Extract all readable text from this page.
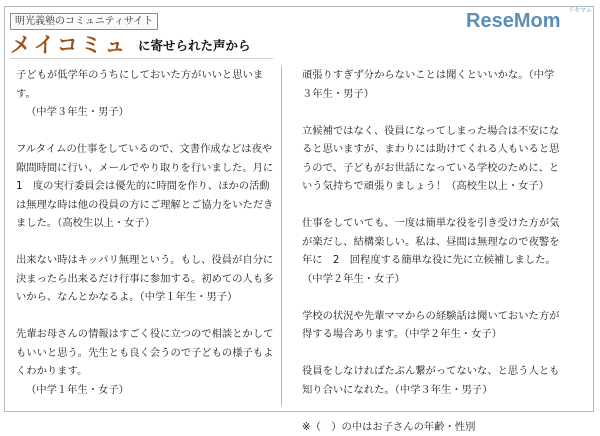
明光義塾のコミュニティサイト
メイコミュ に寄せられた声から
ReseMom リセマム

子どもが低学年のうちにしておいた方がいいと思います。

（中学３年生・男子）

フルタイムの仕事をしているので、文書作成などは夜や隙間時間に行い、メールでやり取りを行いました。月に　1　度の実行委員会は優先的に時間を作り、ほかの活動は無理な時は他の役員の方にご理解とご協力をいただきました。（高校生以上・女子）

出来ない時はキッパリ無理という。もし、役員が自分に決まったら出来るだけ行事に参加する。初めての人も多いから、なんとかなるよ。（中学１年生・男子）

先輩お母さんの情報はすごく役に立つので相談とかしてもいいと思う。先生とも良く会うので子どもの様子もよくわかります。

（中学１年生・女子）

頑張りすぎず分からないことは聞くといいかな。（中学３年生・男子）

立候補ではなく、役員になってしまった場合は不安になると思いますが、まわりには助けてくれる人もいると思うので、子どもがお世話になっている学校のために、という気持ちで頑張りましょう！（高校生以上・女子）

仕事をしていても、一度は簡単な役を引き受けた方が気が楽だし、結構楽しい。私は、昼間は無理なので夜警を年に　2　回程度する簡単な役に先に立候補しました。（中学２年生・女子）

学校の状況や先輩ママからの経験話は聞いておいた方が得する場合あります。（中学２年生・女子）

役員をしなければたぶん繋がってないな、と思う人とも知り合いになれた。（中学３年生・男子）

※（　）の中はお子さんの年齢・性別
